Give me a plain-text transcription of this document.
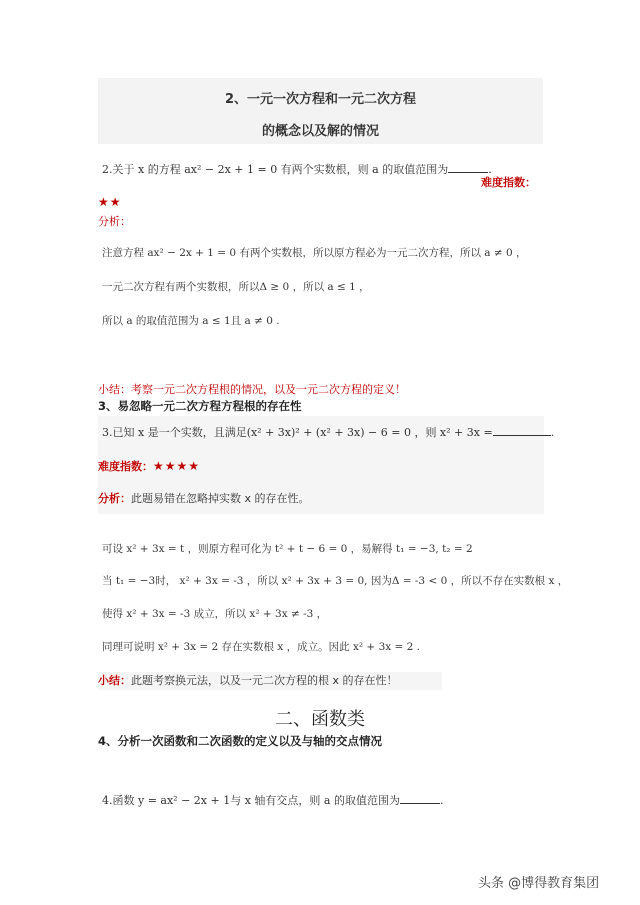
2、一元一次方程和一元二次方程
的概念以及解的情况
2.关于 x 的方程 ax² − 2x + 1 = 0 有两个实数根，则 a 的取值范围为	.
难度指数：
★★
分析：
注意方程 ax² − 2x + 1 = 0 有两个实数根，所以原方程必为一元二次方程，所以 a ≠ 0 ，
一元二次方程有两个实数根，所以Δ ≥ 0 ，所以 a ≤ 1 ，
所以 a 的取值范围为 a ≤ 1且 a ≠ 0 .
小结：考察一元二次方程根的情况，以及一元二次方程的定义！
3、易忽略一元二次方程方程根的存在性
3.已知 x 是一个实数，且满足(x² + 3x)² + (x² + 3x) − 6 = 0 ，则 x² + 3x =	.
难度指数：★★★★
分析：此题易错在忽略掉实数 x 的存在性。
可设 x² + 3x = t ，则原方程可化为 t² + t − 6 = 0 ，易解得 t₁ = −3, t₂ = 2
当 t₁ = −3时， x² + 3x = -3 ，所以 x² + 3x + 3 = 0, 因为Δ = -3 < 0 ，所以不存在实数根 x ，
使得 x² + 3x = -3 成立，所以 x² + 3x ≠ -3 ，
同理可说明 x² + 3x = 2 存在实数根 x ，成立。因此 x² + 3x = 2 .
小结：此题考察换元法，以及一元二次方程的根 x 的存在性！
二、函数类
4、分析一次函数和二次函数的定义以及与轴的交点情况
4.函数 y = ax² − 2x + 1与 x 轴有交点，则 a 的取值范围为	.
头条 @博得教育集团
